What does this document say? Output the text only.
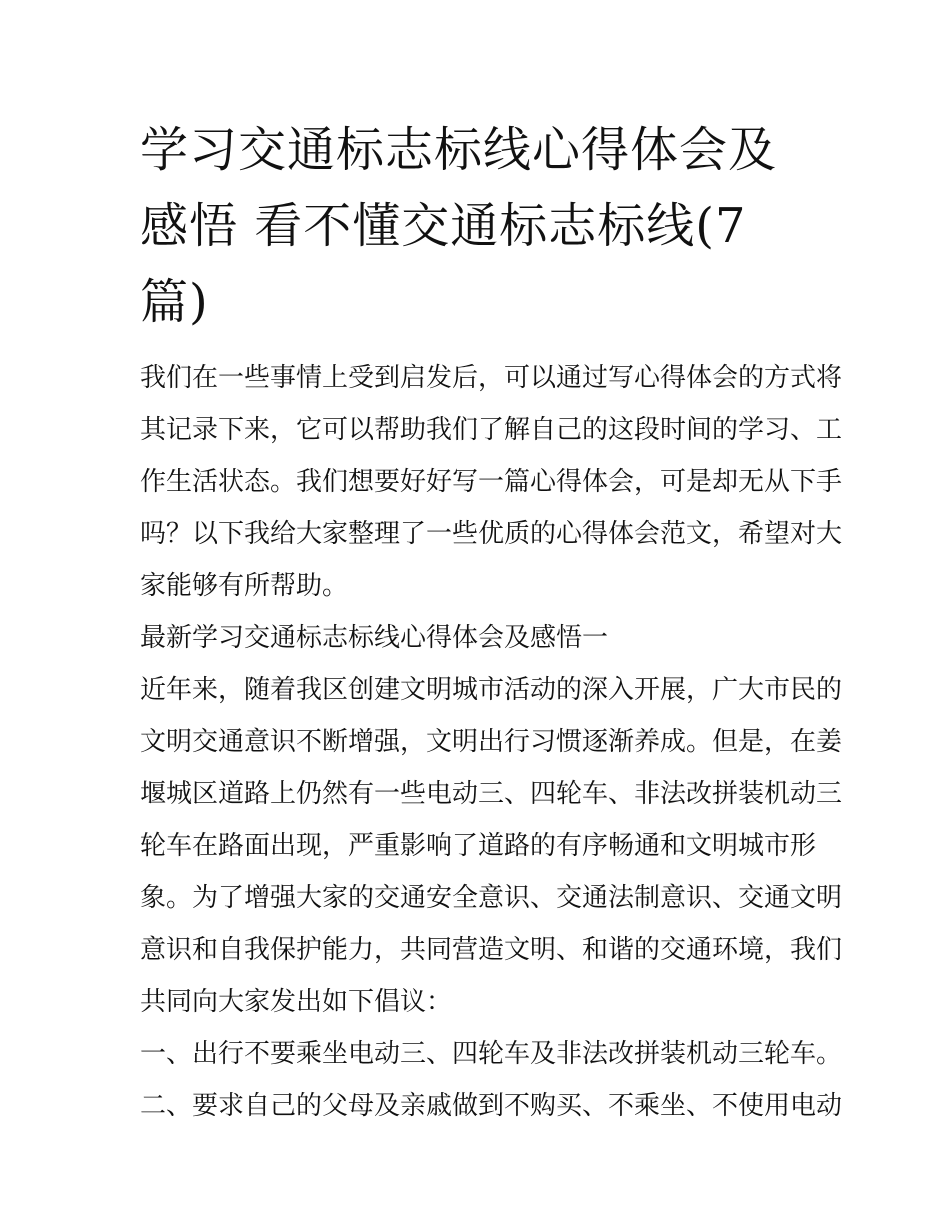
学习交通标志标线心得体会及
感悟 看不懂交通标志标线(7
篇)
我们在一些事情上受到启发后，可以通过写心得体会的方式将
其记录下来，它可以帮助我们了解自己的这段时间的学习、工
作生活状态。我们想要好好写一篇心得体会，可是却无从下手
吗？以下我给大家整理了一些优质的心得体会范文，希望对大
家能够有所帮助。
最新学习交通标志标线心得体会及感悟一
近年来，随着我区创建文明城市活动的深入开展，广大市民的
文明交通意识不断增强，文明出行习惯逐渐养成。但是，在姜
堰城区道路上仍然有一些电动三、四轮车、非法改拼装机动三
轮车在路面出现，严重影响了道路的有序畅通和文明城市形
象。为了增强大家的交通安全意识、交通法制意识、交通文明
意识和自我保护能力，共同营造文明、和谐的交通环境，我们
共同向大家发出如下倡议：
一、出行不要乘坐电动三、四轮车及非法改拼装机动三轮车。
二、要求自己的父母及亲戚做到不购买、不乘坐、不使用电动
